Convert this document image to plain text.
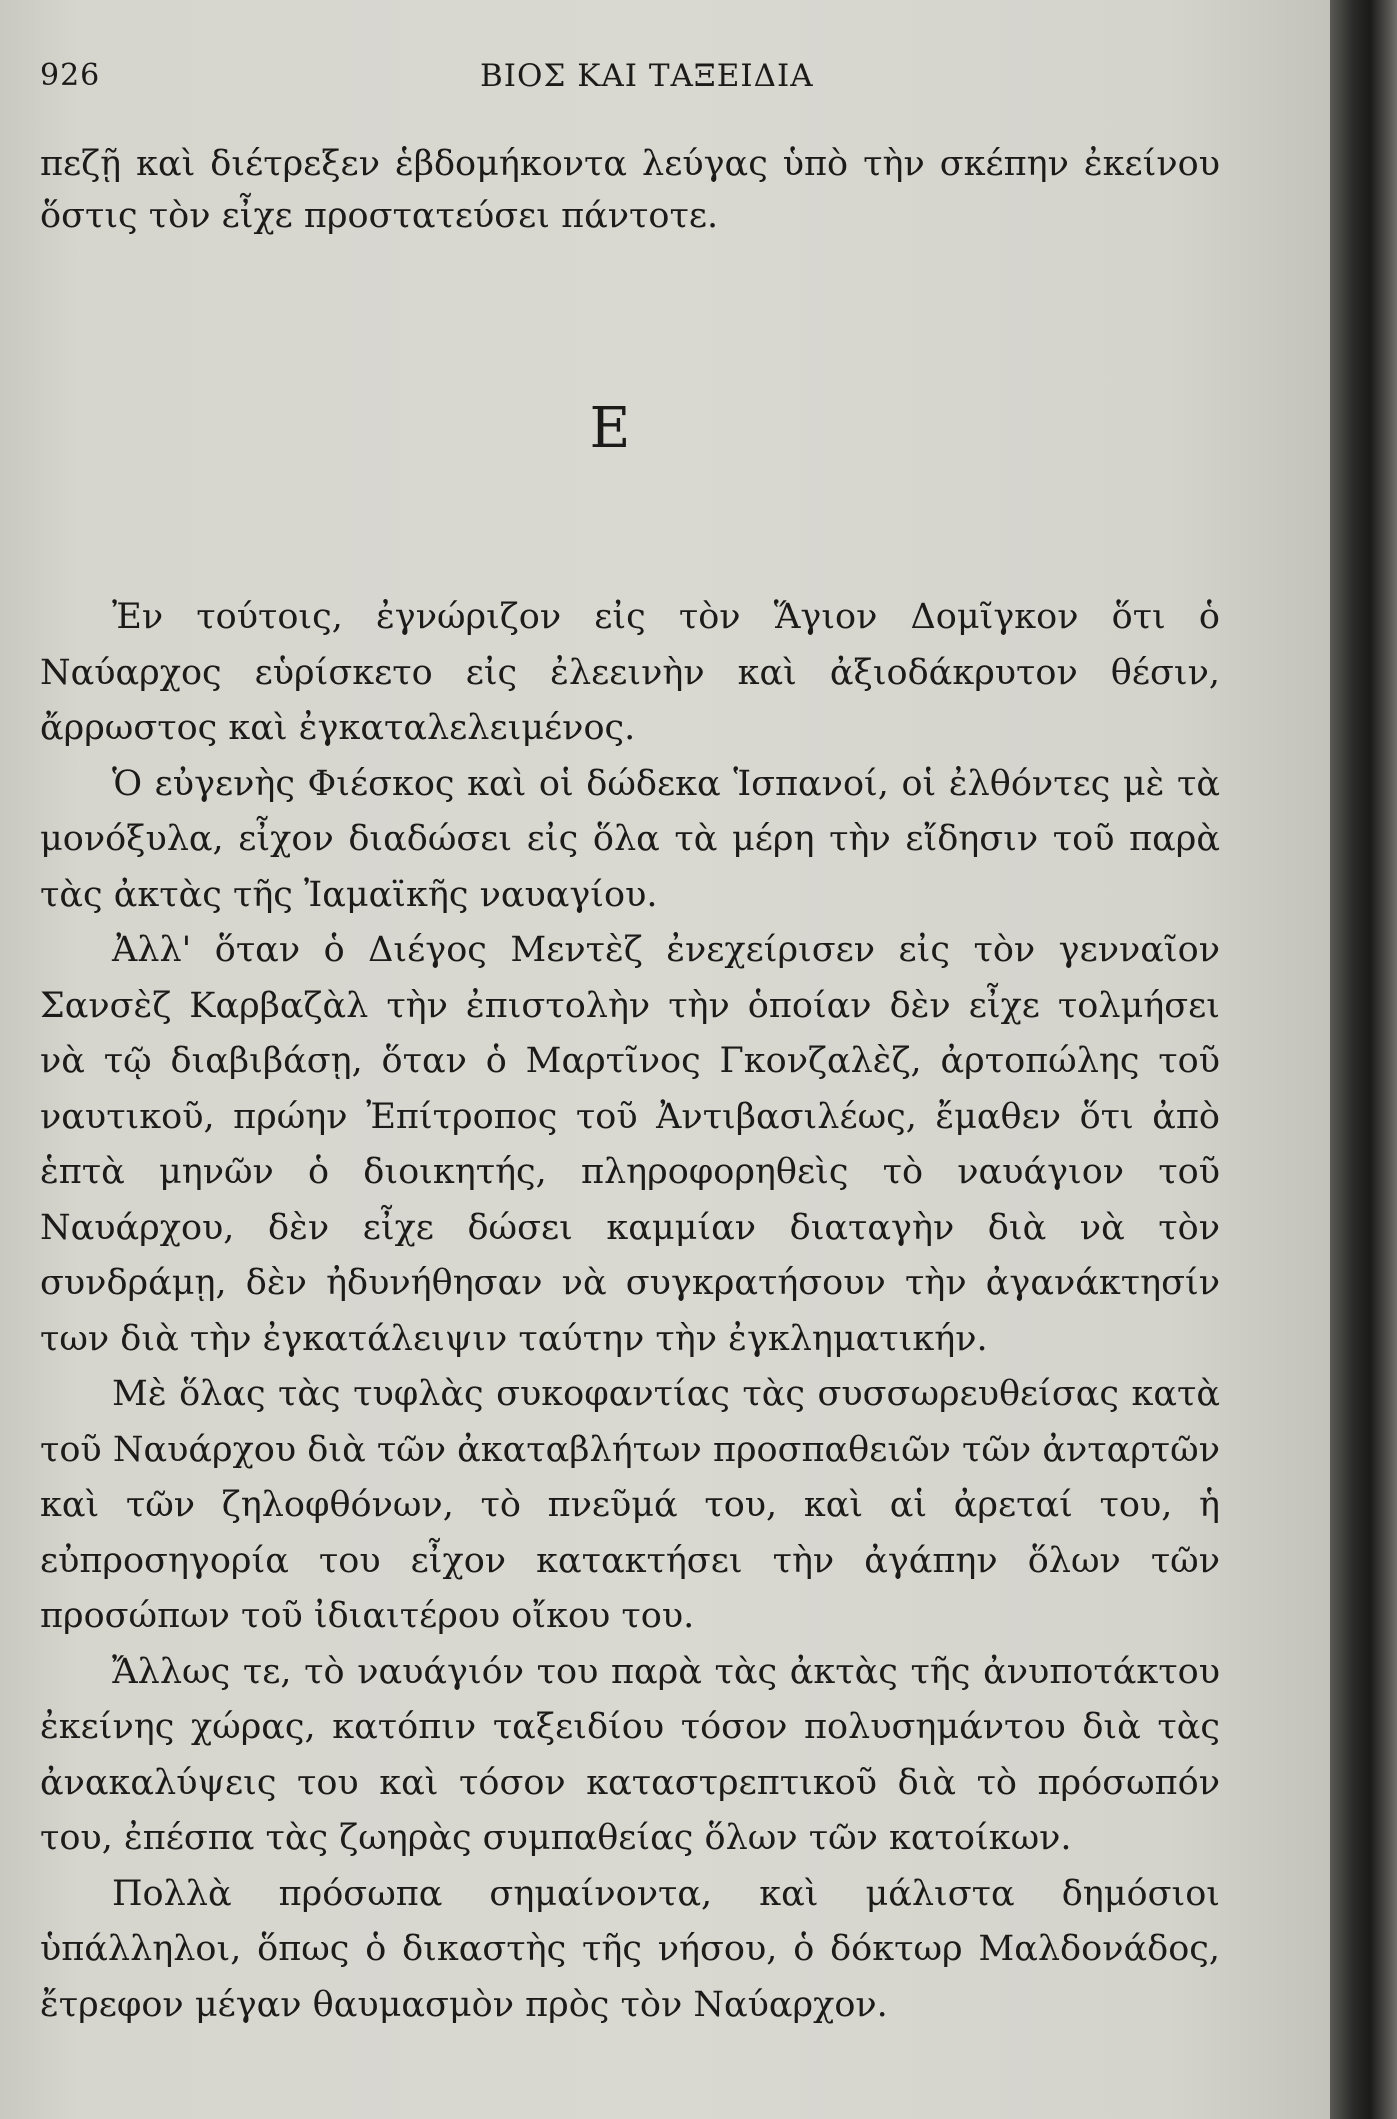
926	ΒΙΟΣ ΚΑΙ ΤΑΞΕΙΔΙΑ

πεζῇ καὶ διέτρεξεν ἑβδομήκοντα λεύγας ὑπὸ τὴν σκέπην ἐκείνου ὅστις τὸν εἶχε προστατεύσει πάντοτε.

Ε

Ἐν τούτοις, ἐγνώριζον εἰς τὸν Ἅγιον Δομῖγκον ὅτι ὁ Ναύαρχος εὑρίσκετο εἰς ἐλεεινὴν καὶ ἀξιοδάκρυτον θέσιν, ἄρρωστος καὶ ἐγκαταλελειμένος.

Ὁ εὐγενὴς Φιέσκος καὶ οἱ δώδεκα Ἱσπανοί, οἱ ἐλθόντες μὲ τὰ μονόξυλα, εἶχον διαδώσει εἰς ὅλα τὰ μέρη τὴν εἴδησιν τοῦ παρὰ τὰς ἀκτὰς τῆς Ἰαμαϊκῆς ναυαγίου.

Ἀλλ' ὅταν ὁ Διέγος Μεντὲζ ἐνεχείρισεν εἰς τὸν γενναῖον Σανσὲζ Καρβαζὰλ τὴν ἐπιστολὴν τὴν ὁποίαν δὲν εἶχε τολμήσει νὰ τῷ διαβιβάσῃ, ὅταν ὁ Μαρτῖνος Γκονζαλὲζ, ἀρτοπώλης τοῦ ναυτικοῦ, πρώην Ἐπίτροπος τοῦ Ἀντιβασιλέως, ἔμαθεν ὅτι ἀπὸ ἑπτὰ μηνῶν ὁ διοικητής, πληροφορηθεὶς τὸ ναυάγιον τοῦ Ναυάρχου, δὲν εἶχε δώσει καμμίαν διαταγὴν διὰ νὰ τὸν συνδράμῃ, δὲν ἠδυνήθησαν νὰ συγκρατήσουν τὴν ἀγανάκτησίν των διὰ τὴν ἐγκατάλειψιν ταύτην τὴν ἐγκληματικήν.

Μὲ ὅλας τὰς τυφλὰς συκοφαντίας τὰς συσσωρευθείσας κατὰ τοῦ Ναυάρχου διὰ τῶν ἀκαταβλήτων προσπαθειῶν τῶν ἀνταρτῶν καὶ τῶν ζηλοφθόνων, τὸ πνεῦμά του, καὶ αἱ ἀρεταί του, ἡ εὐπροσηγορία του εἶχον κατακτήσει τὴν ἀγάπην ὅλων τῶν προσώπων τοῦ ἰδιαιτέρου οἴκου του.

Ἄλλως τε, τὸ ναυάγιόν του παρὰ τὰς ἀκτὰς τῆς ἀνυποτάκτου ἐκείνης χώρας, κατόπιν ταξειδίου τόσον πολυσημάντου διὰ τὰς ἀνακαλύψεις του καὶ τόσον καταστρεπτικοῦ διὰ τὸ πρόσωπόν του, ἐπέσπα τὰς ζωηρὰς συμπαθείας ὅλων τῶν κατοίκων.

Πολλὰ πρόσωπα σημαίνοντα, καὶ μάλιστα δημόσιοι ὑπάλληλοι, ὅπως ὁ δικαστὴς τῆς νήσου, ὁ δόκτωρ Μαλδονάδος, ἔτρεφον μέγαν θαυμασμὸν πρὸς τὸν Ναύαρχον.
